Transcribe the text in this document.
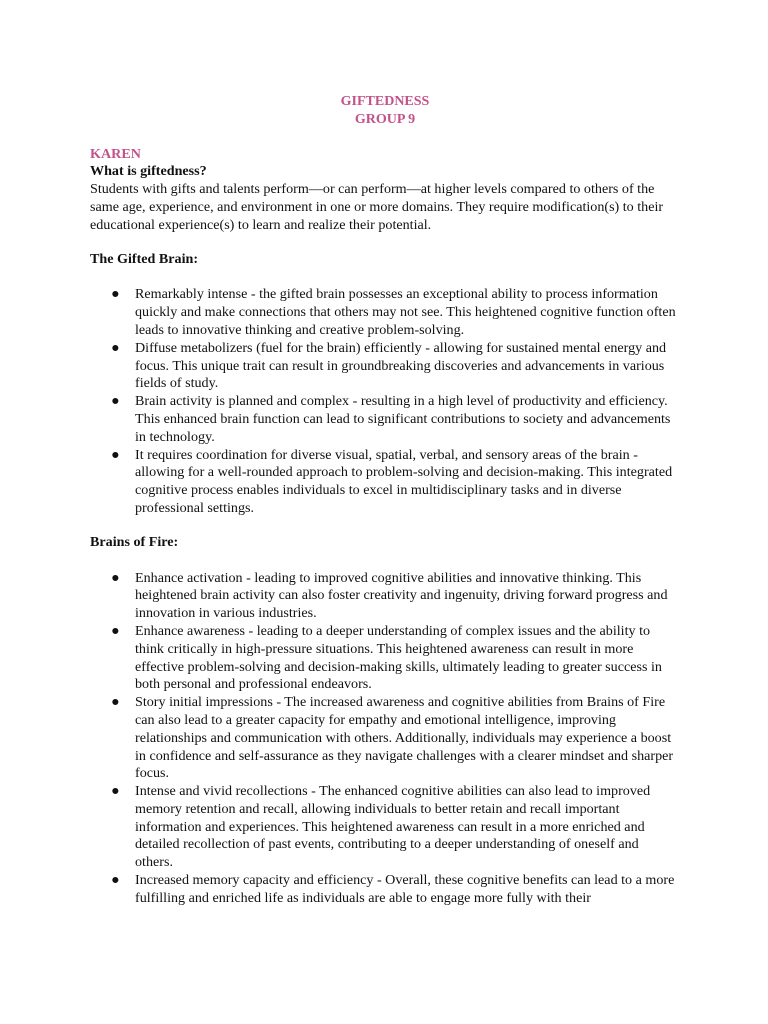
GIFTEDNESS
GROUP 9
KAREN
What is giftedness?

Students with gifts and talents perform—or can perform—at higher levels compared to others of the same age, experience, and environment in one or more domains. They require modification(s) to their educational experience(s) to learn and realize their potential.

The Gifted Brain:
● Remarkably intense - the gifted brain possesses an exceptional ability to process information quickly and make connections that others may not see. This heightened cognitive function often leads to innovative thinking and creative problem-solving.
● Diffuse metabolizers (fuel for the brain) efficiently - allowing for sustained mental energy and focus. This unique trait can result in groundbreaking discoveries and advancements in various fields of study.
● Brain activity is planned and complex - resulting in a high level of productivity and efficiency. This enhanced brain function can lead to significant contributions to society and advancements in technology.
● It requires coordination for diverse visual, spatial, verbal, and sensory areas of the brain - allowing for a well-rounded approach to problem-solving and decision-making. This integrated cognitive process enables individuals to excel in multidisciplinary tasks and in diverse professional settings.
Brains of Fire:
● Enhance activation - leading to improved cognitive abilities and innovative thinking. This heightened brain activity can also foster creativity and ingenuity, driving forward progress and innovation in various industries.
● Enhance awareness - leading to a deeper understanding of complex issues and the ability to think critically in high-pressure situations. This heightened awareness can result in more effective problem-solving and decision-making skills, ultimately leading to greater success in both personal and professional endeavors.
● Story initial impressions - The increased awareness and cognitive abilities from Brains of Fire can also lead to a greater capacity for empathy and emotional intelligence, improving relationships and communication with others. Additionally, individuals may experience a boost in confidence and self-assurance as they navigate challenges with a clearer mindset and sharper focus.
● Intense and vivid recollections - The enhanced cognitive abilities can also lead to improved memory retention and recall, allowing individuals to better retain and recall important information and experiences. This heightened awareness can result in a more enriched and detailed recollection of past events, contributing to a deeper understanding of oneself and others.
● Increased memory capacity and efficiency - Overall, these cognitive benefits can lead to a more fulfilling and enriched life as individuals are able to engage more fully with their
